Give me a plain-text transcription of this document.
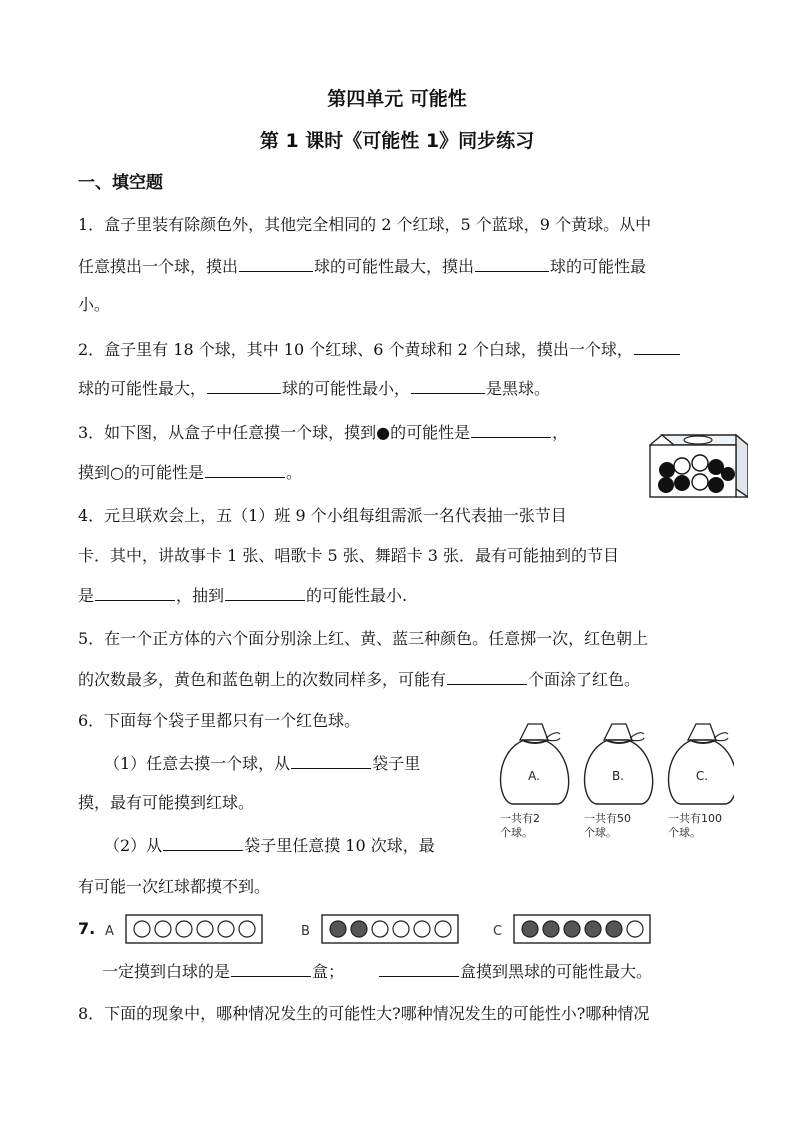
第四单元 可能性
第 1 课时《可能性 1》同步练习
一、填空题
1．盒子里装有除颜色外，其他完全相同的 2 个红球，5 个蓝球，9 个黄球。从中
任意摸出一个球，摸出	球的可能性最大，摸出	球的可能性最
小。
2．盒子里有 18 个球，其中 10 个红球、6 个黄球和 2 个白球，摸出一个球，
球的可能性最大，	球的可能性最小，	是黑球。
3．如下图，从盒子中任意摸一个球，摸到●的可能性是	，
摸到○的可能性是	。
4．元旦联欢会上，五（1）班 9 个小组每组需派一名代表抽一张节目
卡．其中，讲故事卡 1 张、唱歌卡 5 张、舞蹈卡 3 张．最有可能抽到的节目
是	，抽到	的可能性最小.
5．在一个正方体的六个面分别涂上红、黄、蓝三种颜色。任意掷一次，红色朝上
的次数最多，黄色和蓝色朝上的次数同样多，可能有	个面涂了红色。
6．下面每个袋子里都只有一个红色球。
（1）任意去摸一个球，从	袋子里
摸，最有可能摸到红球。
（2）从	袋子里任意摸 10 次球，最
有可能一次红球都摸不到。
A.
一共有2
个球。
B.
一共有50
个球。
C.
一共有100
个球。
7. A	B	C
一定摸到白球的是	盒；	盒摸到黑球的可能性最大。
8．下面的现象中，哪种情况发生的可能性大?哪种情况发生的可能性小?哪种情况
